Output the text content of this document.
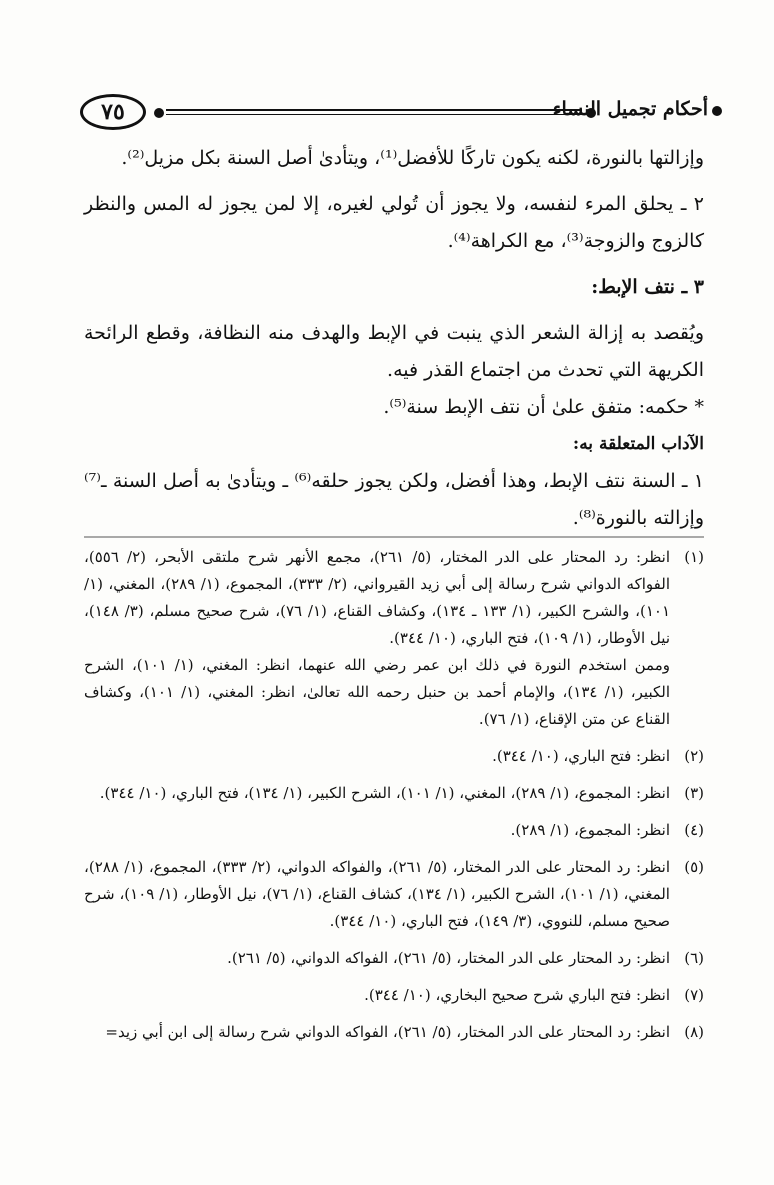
٧٥	أحكام تجميل النساء

وإزالتها بالنورة، لكنه يكون تاركًا للأفضل⁽¹⁾، ويتأدىٰ أصل السنة بكل مزيل⁽²⁾.

٢ ـ يحلق المرء لنفسه، ولا يجوز أن تُولي لغيره، إلا لمن يجوز له المس والنظر كالزوج والزوجة⁽³⁾، مع الكراهة⁽⁴⁾.

٣ ـ نتف الإبط:

ويُقصد به إزالة الشعر الذي ينبت في الإبط والهدف منه النظافة، وقطع الرائحة الكريهة التي تحدث من اجتماع القذر فيه.

* حكمه: متفق علىٰ أن نتف الإبط سنة⁽⁵⁾.

الآداب المتعلقة به:

١ ـ السنة نتف الإبط، وهذا أفضل، ولكن يجوز حلقه⁽⁶⁾ ـ ويتأدىٰ به أصل السنة ـ⁽⁷⁾ وإزالته بالنورة⁽⁸⁾.

(١)

انظر: رد المحتار على الدر المختار، (٥/ ٢٦١)، مجمع الأنهر شرح ملتقى الأبحر، (٢/ ٥٥٦)، الفواكه الدواني شرح رسالة إلى أبي زيد القيرواني، (٢/ ٣٣٣)، المجموع، (١/ ٢٨٩)، المغني، (١/ ١٠١)، والشرح الكبير، (١/ ١٣٣ ـ ١٣٤)، وكشاف القناع، (١/ ٧٦)، شرح صحيح مسلم، (٣/ ١٤٨)، نيل الأوطار، (١/ ١٠٩)، فتح الباري، (١٠/ ٣٤٤).

وممن استخدم النورة في ذلك ابن عمر رضي الله عنهما، انظر: المغني، (١/ ١٠١)، الشرح الكبير، (١/ ١٣٤)، والإمام أحمد بن حنبل رحمه الله تعالىٰ، انظر: المغني، (١/ ١٠١)، وكشاف القناع عن متن الإقناع، (١/ ٧٦).

(٢)

انظر: فتح الباري، (١٠/ ٣٤٤).

(٣)

انظر: المجموع، (١/ ٢٨٩)، المغني، (١/ ١٠١)، الشرح الكبير، (١/ ١٣٤)، فتح الباري، (١٠/ ٣٤٤).

(٤)

انظر: المجموع، (١/ ٢٨٩).

(٥)

انظر: رد المحتار على الدر المختار، (٥/ ٢٦١)، والفواكه الدواني، (٢/ ٣٣٣)، المجموع، (١/ ٢٨٨)، المغني، (١/ ١٠١)، الشرح الكبير، (١/ ١٣٤)، كشاف القناع، (١/ ٧٦)، نيل الأوطار، (١/ ١٠٩)، شرح صحيح مسلم، للنووي، (٣/ ١٤٩)، فتح الباري، (١٠/ ٣٤٤).

(٦)

انظر: رد المحتار على الدر المختار، (٥/ ٢٦١)، الفواكه الدواني، (٥/ ٢٦١).

(٧)

انظر: فتح الباري شرح صحيح البخاري، (١٠/ ٣٤٤).

(٨)

انظر: رد المحتار على الدر المختار، (٥/ ٢٦١)، الفواكه الدواني شرح رسالة إلى ابن أبي زيد=
